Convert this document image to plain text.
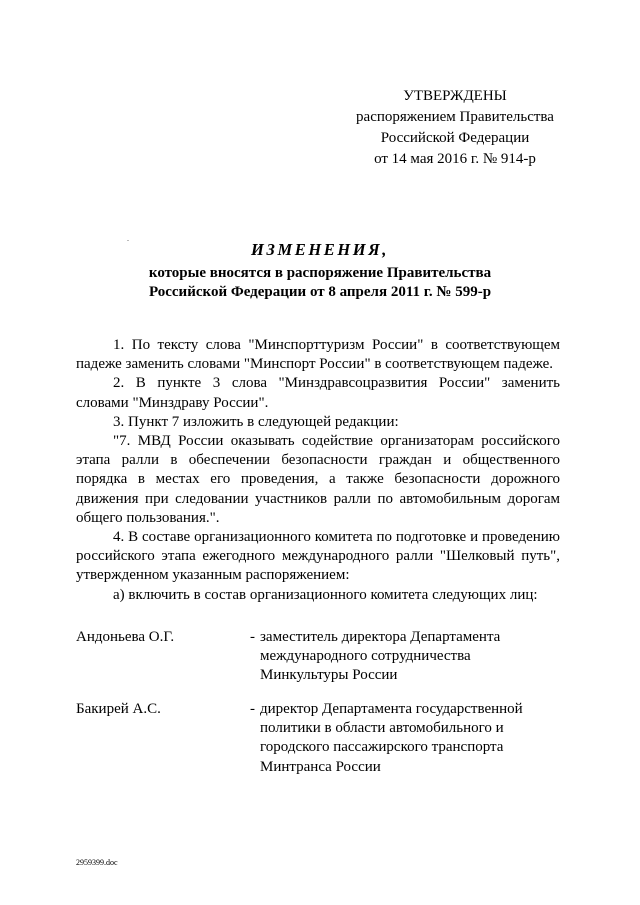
УТВЕРЖДЕНЫ
распоряжением Правительства
Российской Федерации
от 14 мая 2016 г. № 914-р
ИЗМЕНЕНИЯ,
которые вносятся в распоряжение Правительства
Российской Федерации от 8 апреля 2011 г. № 599-р

1. По тексту слова "Минспорттуризм России" в соответствующем падеже заменить словами "Минспорт России" в соответствующем падеже.

2. В пункте 3 слова "Минздравсоцразвития России" заменить словами "Минздраву России".

3. Пункт 7 изложить в следующей редакции:

"7. МВД России оказывать содействие организаторам российского этапа ралли в обеспечении безопасности граждан и общественного порядка в местах его проведения, а также безопасности дорожного движения при следовании участников ралли по автомобильным дорогам общего пользования.".

4. В составе организационного комитета по подготовке и проведению российского этапа ежегодного международного ралли "Шелковый путь", утвержденном указанным распоряжением:

а) включить в состав организационного комитета следующих лиц:

Андоньева О.Г.	- заместитель директора Департамента
международного сотрудничества
Минкультуры России
Бакирей А.С.	- директор Департамента государственной
политики в области автомобильного и
городского пассажирского транспорта
Минтранса России
2959399.doc
